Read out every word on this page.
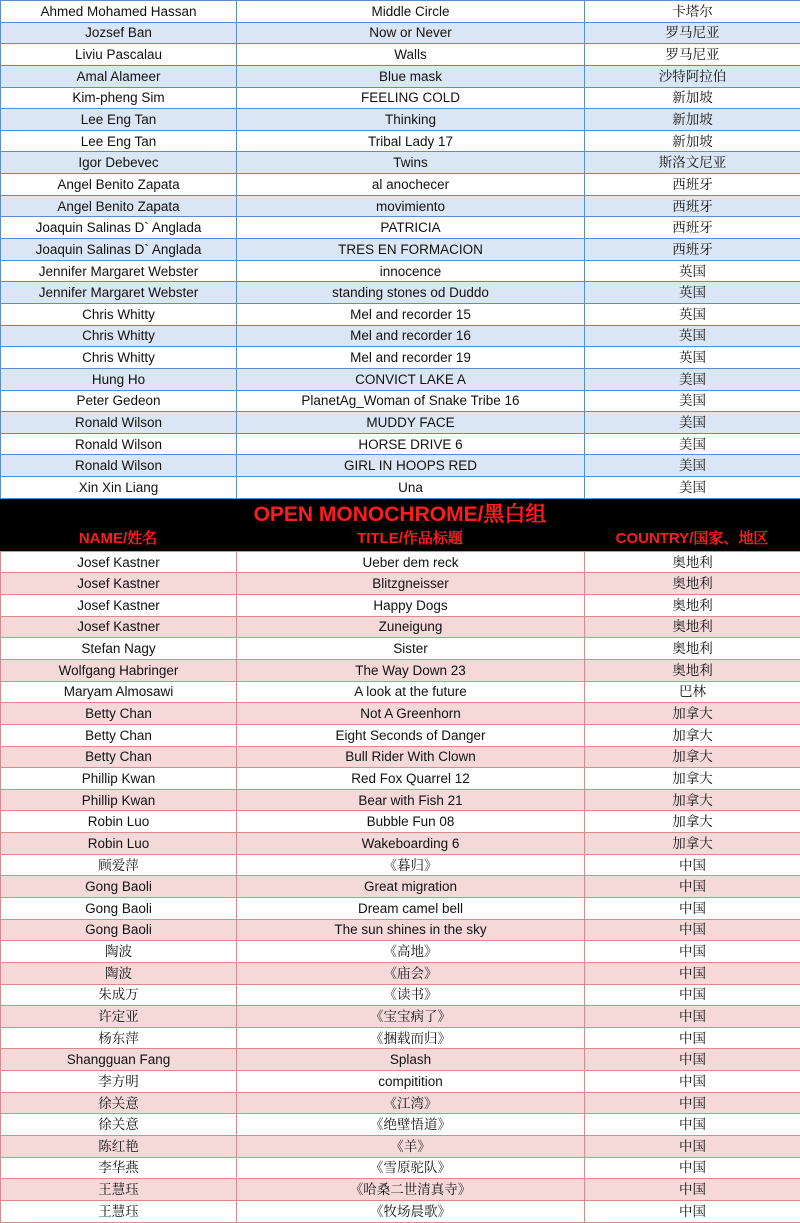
Ahmed Mohamed Hassan	Middle Circle	卡塔尔
Jozsef Ban	Now or Never	罗马尼亚
Liviu Pascalau	Walls	罗马尼亚
Amal Alameer	Blue mask	沙特阿拉伯
Kim-pheng Sim	FEELING COLD	新加坡
Lee Eng Tan	Thinking	新加坡
Lee Eng Tan	Tribal Lady 17	新加坡
Igor Debevec	Twins	斯洛文尼亚
Angel Benito Zapata	al anochecer	西班牙
Angel Benito Zapata	movimiento	西班牙
Joaquin Salinas D` Anglada	PATRICIA	西班牙
Joaquin Salinas D` Anglada	TRES EN FORMACION	西班牙
Jennifer Margaret Webster	innocence	英国
Jennifer Margaret Webster	standing stones od Duddo	英国
Chris Whitty	Mel and recorder 15	英国
Chris Whitty	Mel and recorder 16	英国
Chris Whitty	Mel and recorder 19	英国
Hung Ho	CONVICT LAKE A	美国
Peter Gedeon	PlanetAg_Woman of Snake Tribe 16	美国
Ronald Wilson	MUDDY FACE	美国
Ronald Wilson	HORSE DRIVE 6	美国
Ronald Wilson	GIRL IN HOOPS RED	美国
Xin Xin Liang	Una	美国
OPEN MONOCHROME/黑白组
NAME/姓名	TITLE/作品标题	COUNTRY/国家、地区
Josef Kastner	Ueber dem reck	奥地利
Josef Kastner	Blitzgneisser	奥地利
Josef Kastner	Happy Dogs	奥地利
Josef Kastner	Zuneigung	奥地利
Stefan Nagy	Sister	奥地利
Wolfgang Habringer	The Way Down 23	奥地利
Maryam Almosawi	A look at the future	巴林
Betty Chan	Not A Greenhorn	加拿大
Betty Chan	Eight Seconds of Danger	加拿大
Betty Chan	Bull Rider With Clown	加拿大
Phillip Kwan	Red Fox Quarrel 12	加拿大
Phillip Kwan	Bear with Fish 21	加拿大
Robin Luo	Bubble Fun 08	加拿大
Robin Luo	Wakeboarding 6	加拿大
顾爱萍	《暮归》	中国
Gong Baoli	Great migration	中国
Gong Baoli	Dream camel bell	中国
Gong Baoli	The sun shines in the sky	中国
陶波	《高地》	中国
陶波	《庙会》	中国
朱成万	《读书》	中国
许定亚	《宝宝病了》	中国
杨东萍	《捆载而归》	中国
Shangguan Fang	Splash	中国
李方明	compitition	中国
徐关意	《江湾》	中国
徐关意	《绝壁悟道》	中国
陈红艳	《羊》	中国
李华燕	《雪原驼队》	中国
王慧珏	《哈桑二世清真寺》	中国
王慧珏	《牧场晨歌》	中国
